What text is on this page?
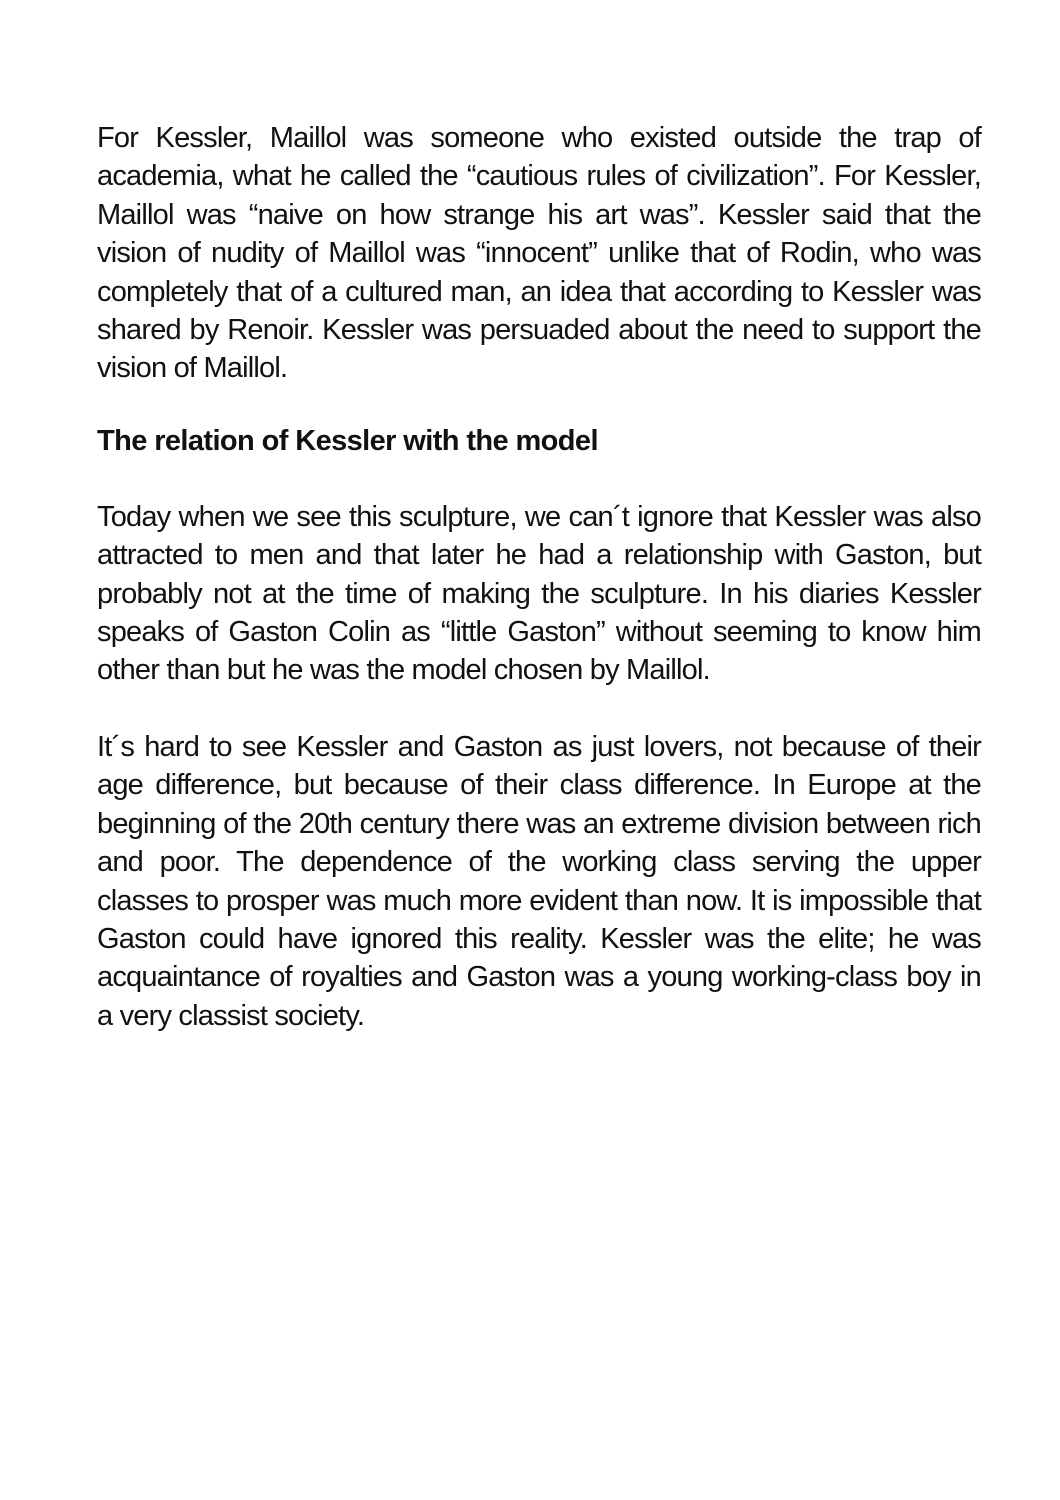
For Kessler, Maillol was someone who existed outside the trap of academia, what he called the “cautious rules of civilization”. For Kessler, Maillol was “naive on how strange his art was”. Kessler said that the vision of nudity of Maillol was “innocent” unlike that of Rodin, who was completely that of a cultured man, an idea that according to Kessler was shared by Renoir. Kessler was persuaded about the need to support the vision of Maillol.

The relation of Kessler with the model

Today when we see this sculpture, we can´t ignore that Kessler was also attracted to men and that later he had a relationship with Gaston, but probably not at the time of making the sculpture. In his diaries Kessler speaks of Gaston Colin as “little Gaston” without seeming to know him other than but he was the model chosen by Maillol.

It´s hard to see Kessler and Gaston as just lovers, not because of their age difference, but because of their class difference. In Europe at the beginning of the 20th century there was an extreme division between rich and poor. The dependence of the working class serving the upper classes to prosper was much more evident than now. It is impossible that Gaston could have ignored this reality. Kessler was the elite; he was acquaintance of royalties and Gaston was a young working-class boy in a very classist society.
